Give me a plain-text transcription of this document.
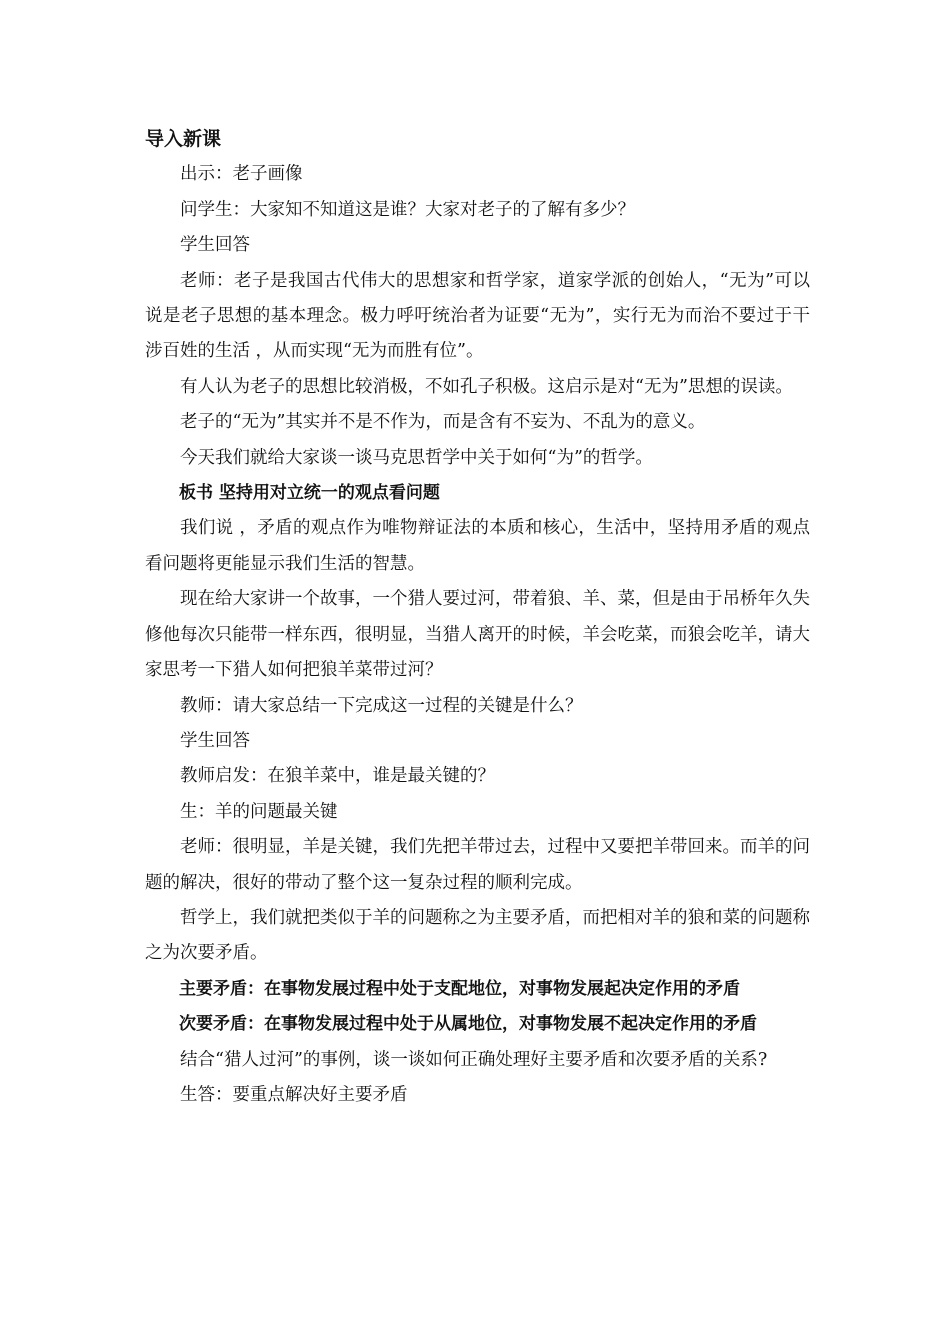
导入新课
出示：老子画像
问学生：大家知不知道这是谁？大家对老子的了解有多少？
学生回答
老师：老子是我国古代伟大的思想家和哲学家，道家学派的创始人，“无为”可以说是老子思想的基本理念。极力呼吁统治者为证要“无为”，实行无为而治不要过于干涉百姓的生活 ，从而实现“无为而胜有位”。
有人认为老子的思想比较消极，不如孔子积极。这启示是对“无为”思想的误读。
老子的“无为”其实并不是不作为，而是含有不妄为、不乱为的意义。
今天我们就给大家谈一谈马克思哲学中关于如何“为”的哲学。
板书 坚持用对立统一的观点看问题
我们说 ，矛盾的观点作为唯物辩证法的本质和核心，生活中，坚持用矛盾的观点看问题将更能显示我们生活的智慧。
现在给大家讲一个故事，一个猎人要过河，带着狼、羊、菜，但是由于吊桥年久失修他每次只能带一样东西，很明显，当猎人离开的时候，羊会吃菜，而狼会吃羊，请大家思考一下猎人如何把狼羊菜带过河？
教师：请大家总结一下完成这一过程的关键是什么？
学生回答
教师启发：在狼羊菜中，谁是最关键的？
生：羊的问题最关键
老师：很明显，羊是关键，我们先把羊带过去，过程中又要把羊带回来。而羊的问题的解决，很好的带动了整个这一复杂过程的顺利完成。
哲学上，我们就把类似于羊的问题称之为主要矛盾，而把相对羊的狼和菜的问题称之为次要矛盾。
主要矛盾：在事物发展过程中处于支配地位，对事物发展起决定作用的矛盾
次要矛盾：在事物发展过程中处于从属地位，对事物发展不起决定作用的矛盾
结合“猎人过河”的事例，谈一谈如何正确处理好主要矛盾和次要矛盾的关系?
生答：要重点解决好主要矛盾
